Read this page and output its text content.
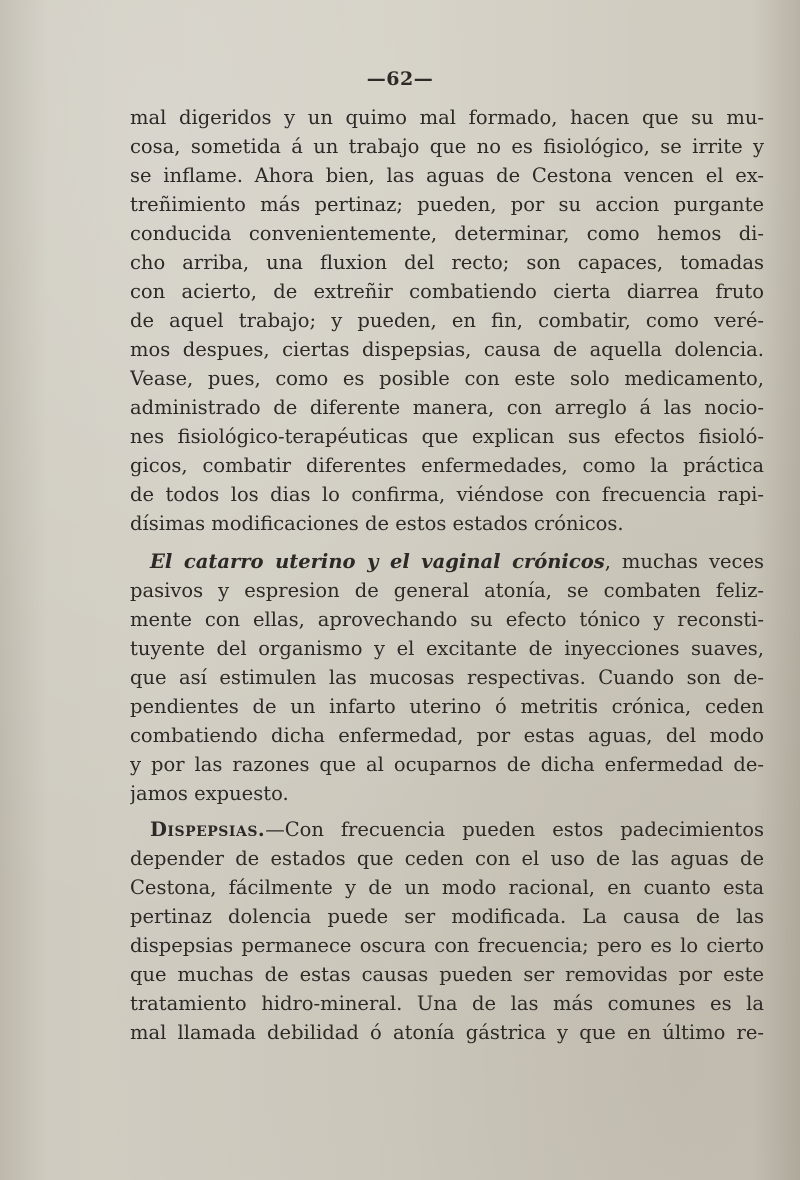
—62—
mal digeridos y un quimo mal formado, hacen que su mu-
cosa, sometida á un trabajo que no es fisiológico, se irrite y
se inflame. Ahora bien, las aguas de Cestona vencen el ex-
treñimiento más pertinaz; pueden, por su accion purgante
conducida convenientemente, determinar, como hemos di-
cho arriba, una fluxion del recto; son capaces, tomadas
con acierto, de extreñir combatiendo cierta diarrea fruto
de aquel trabajo; y pueden, en fin, combatir, como veré-
mos despues, ciertas dispepsias, causa de aquella dolencia.
Vease, pues, como es posible con este solo medicamento,
administrado de diferente manera, con arreglo á las nocio-
nes fisiológico-terapéuticas que explican sus efectos fisioló-
gicos, combatir diferentes enfermedades, como la práctica
de todos los dias lo confirma, viéndose con frecuencia rapi-
dísimas modificaciones de estos estados crónicos.
El catarro uterino y el vaginal crónicos, muchas veces
pasivos y espresion de general atonía, se combaten feliz-
mente con ellas, aprovechando su efecto tónico y reconsti-
tuyente del organismo y el excitante de inyecciones suaves,
que así estimulen las mucosas respectivas. Cuando son de-
pendientes de un infarto uterino ó metritis crónica, ceden
combatiendo dicha enfermedad, por estas aguas, del modo
y por las razones que al ocuparnos de dicha enfermedad de-
jamos expuesto.
Dispepsias.—Con frecuencia pueden estos padecimientos
depender de estados que ceden con el uso de las aguas de
Cestona, fácilmente y de un modo racional, en cuanto esta
pertinaz dolencia puede ser modificada. La causa de las
dispepsias permanece oscura con frecuencia; pero es lo cierto
que muchas de estas causas pueden ser removidas por este
tratamiento hidro-mineral. Una de las más comunes es la
mal llamada debilidad ó atonía gástrica y que en último re-
